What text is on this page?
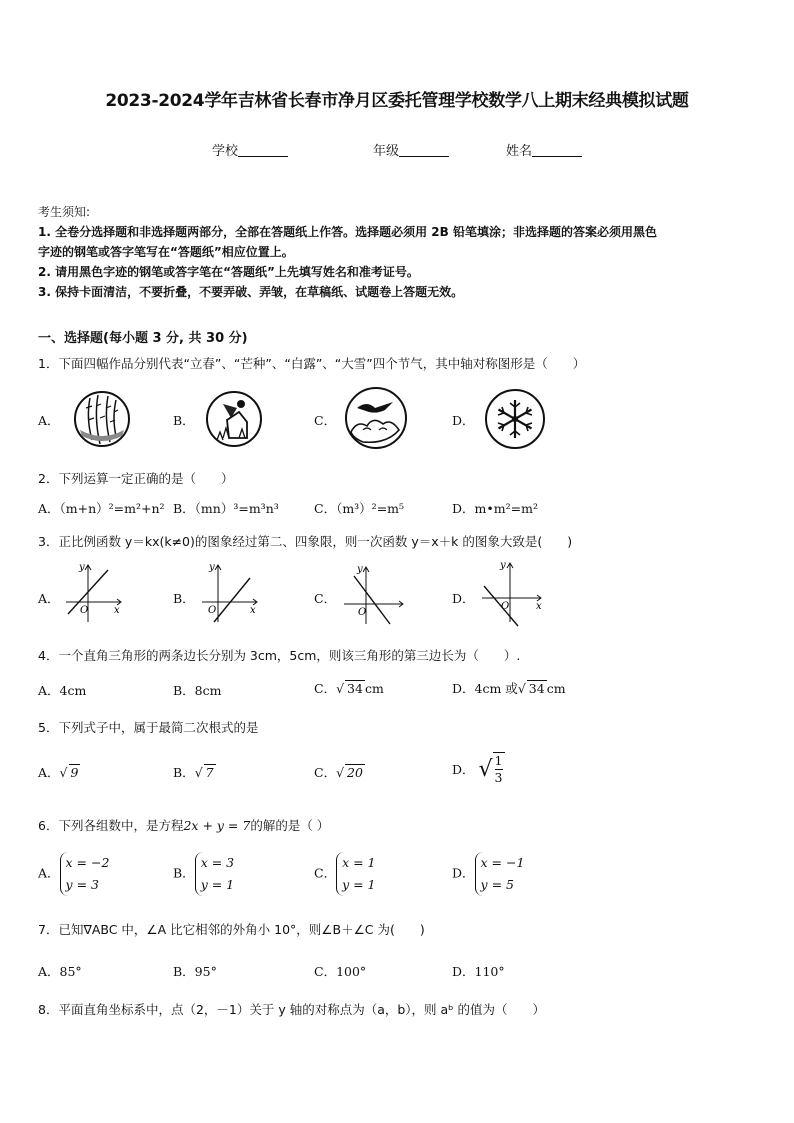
2023-2024学年吉林省长春市净月区委托管理学校数学八上期末经典模拟试题
学校	年级	姓名
考生须知:
1. 全卷分选择题和非选择题两部分，全部在答题纸上作答。选择题必须用 2B 铅笔填涂；非选择题的答案必须用黑色
字迹的钢笔或答字笔写在“答题纸”相应位置上。
2. 请用黑色字迹的钢笔或答字笔在“答题纸”上先填写姓名和准考证号。
3. 保持卡面清洁，不要折叠，不要弄破、弄皱，在草稿纸、试题卷上答题无效。
一、选择题(每小题 3 分, 共 30 分)
1．下面四幅作品分别代表“立春”、“芒种”、“白露”、“大雪”四个节气，其中轴对称图形是（　　）
A．	B．	C．	D．
2．下列运算一定正确的是（　　）
A．（m+n）²=m²+n² B．（mn）³=m³n³	C．（m³）²=m⁵	D．m•m²=m²
3．正比例函数 y＝kx(k≠0)的图象经过第二、四象限，则一次函数 y＝x＋k 的图象大致是(　　)
A．	B．	C．	D．
y
x
O
y
x
O
y
O
y
x
O
4．一个直角三角形的两条边长分别为 3cm，5cm，则该三角形的第三边长为（　　）.
A．4cm	B．8cm	C．√ 34 cm	D．4cm 或√ 34 cm
5．下列式子中，属于最简二次根式的是
A．√ 9	B．√ 7	C．√ 20	D． √ $\frac{1}{3}$
6．下列各组数中，是方程2x + y = 7的解的是（ ）
A．
x = −2
y = 3
B．
x = 3
y = 1
C．
x = 1
y = 1
D．
x = −1
y = 5
7．已知∇ABC 中，∠A 比它相邻的外角小 10°，则∠B＋∠C 为(　　)
A．85°	B．95°	C．100°	D．110°
8．平面直角坐标系中，点（2，－1）关于 y 轴的对称点为（a，b），则 aᵇ 的值为（　　）
